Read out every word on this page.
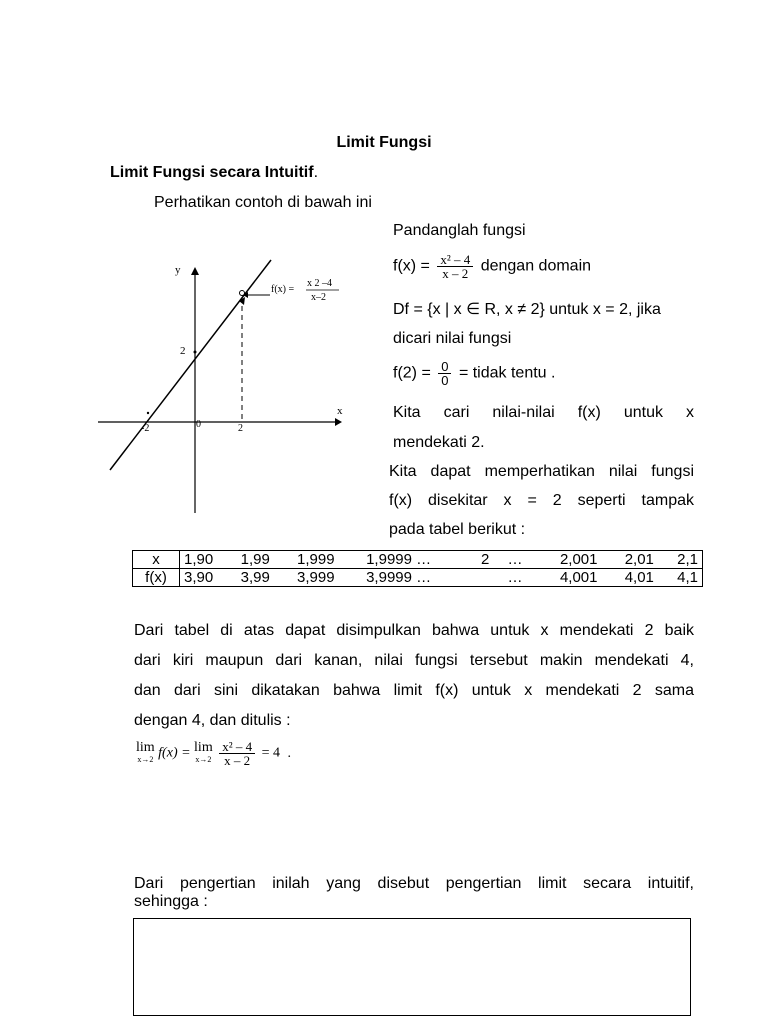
Limit Fungsi
Limit Fungsi secara Intuitif.
Perhatikan contoh di bawah ini
y
x
2
0
-2	2
f(x) =
x 2 –4
x–2
Pandanglah fungsi
$f(x) = \frac{\text{x² – 4}}{x - 2}$ dengan domain
Df = {x | x ∈ R, x ≠ 2} untuk x = 2, jika
dicari nilai fungsi
$f(2) = \frac{0}{0}$ = tidak tentu .
Kita cari nilai-nilai f(x) untuk x
mendekati 2.
Kita dapat memperhatikan nilai fungsi
f(x) disekitar x = 2 seperti tampak
pada tabel berikut :
x	1,90	1,99	1,999	1,9999 …	2	…	2,001	2,01	2,1
f(x)	3,90	3,99	3,999	3,9999 …		…	4,001	4,01	4,1
Dari tabel di atas dapat disimpulkan bahwa untuk x mendekati 2 baik
dari kiri maupun dari kanan, nilai fungsi tersebut makin mendekati 4,
dan dari sini dikatakan bahwa limit f(x) untuk x mendekati 2 sama
dengan 4, dan ditulis :
lim
x→2 f(x) = lim
x→2
$\frac{\text{x² – 4}}{x - 2} = 4$ .
Dari pengertian inilah yang disebut pengertian limit secara intuitif,
sehingga :
